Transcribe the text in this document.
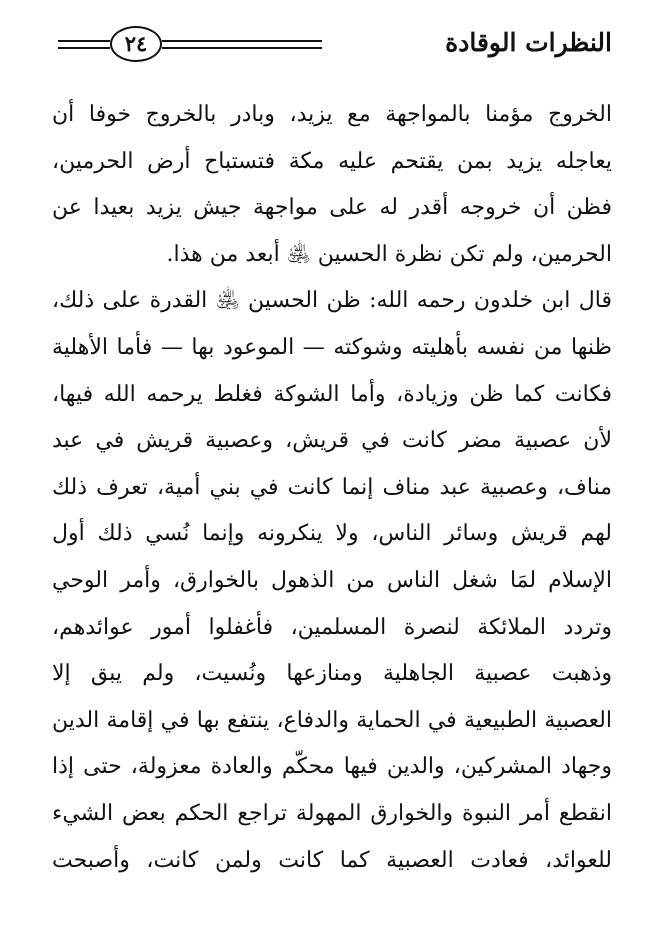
٢٤	النظرات الوقادة
الخروج مؤمنا بالمواجهة مع يزيد، وبادر بالخروج خوفا أن
يعاجله يزيد بمن يقتحم عليه مكة فتستباح أرض الحرمين،
فظن أن خروجه أقدر له على مواجهة جيش يزيد بعيدا عن
الحرمين، ولم تكن نظرة الحسين ﵁ أبعد من هذا.
قال ابن خلدون رحمه الله: ظن الحسين ﵁ القدرة على ذلك،
ظنها من نفسه بأهليته وشوكته — الموعود بها — فأما الأهلية
فكانت كما ظن وزيادة، وأما الشوكة فغلط يرحمه الله فيها،
لأن عصبية مضر كانت في قريش، وعصبية قريش في عبد
مناف، وعصبية عبد مناف إنما كانت في بني أمية، تعرف ذلك
لهم قريش وسائر الناس، ولا ينكرونه وإنما نُسي ذلك أول
الإسلام لمَا شغل الناس من الذهول بالخوارق، وأمر الوحي
وتردد الملائكة لنصرة المسلمين، فأغفلوا أمور عوائدهم،
وذهبت عصبية الجاهلية ومنازعها ونُسيت، ولم يبق إلا
العصبية الطبيعية في الحماية والدفاع، ينتفع بها في إقامة الدين
وجهاد المشركين، والدين فيها محكّم والعادة معزولة، حتى إذا
انقطع أمر النبوة والخوارق المهولة تراجع الحكم بعض الشيء
للعوائد، فعادت العصبية كما كانت ولمن كانت، وأصبحت
